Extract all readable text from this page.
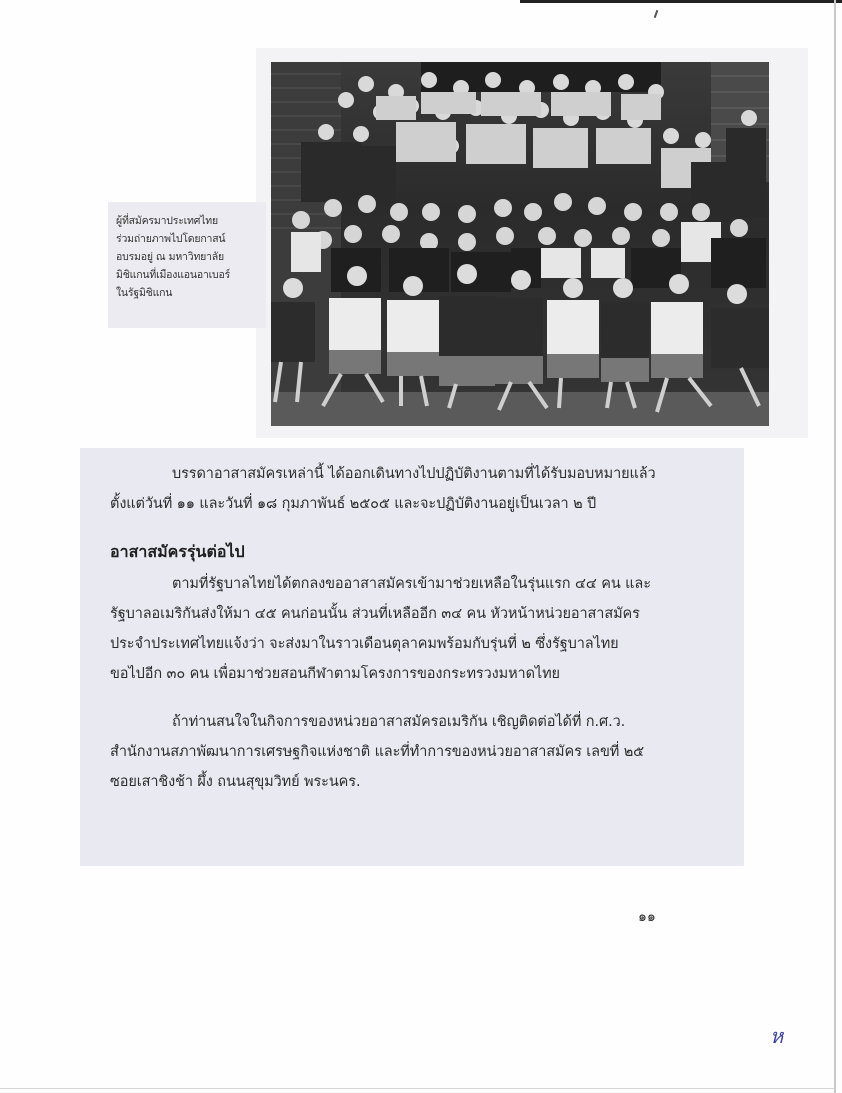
ผู้ที่สมัครมาประเทศไทย
ร่วมถ่ายภาพไปโดยกาสน์
อบรมอยู่ ณ มหาวิทยาลัย
มิชิแกนที่เมืองแอนอาเบอร์
ในรัฐมิชิแกน
บรรดาอาสาสมัครเหล่านี้ ได้ออกเดินทางไปปฏิบัติงานตามที่ได้รับมอบหมายแล้ว
ตั้งแต่วันที่ ๑๑ และวันที่ ๑๘ กุมภาพันธ์ ๒๕๐๕ และจะปฏิบัติงานอยู่เป็นเวลา ๒ ปี
อาสาสมัครรุ่นต่อไป
ตามที่รัฐบาลไทยได้ตกลงขออาสาสมัครเข้ามาช่วยเหลือในรุ่นแรก ๔๔ คน และ
รัฐบาลอเมริกันส่งให้มา ๔๕ คนก่อนนั้น ส่วนที่เหลืออีก ๓๔ คน หัวหน้าหน่วยอาสาสมัคร
ประจำประเทศไทยแจ้งว่า จะส่งมาในราวเดือนตุลาคมพร้อมกับรุ่นที่ ๒ ซึ่งรัฐบาลไทย
ขอไปอีก ๓๐ คน เพื่อมาช่วยสอนกีฬาตามโครงการของกระทรวงมหาดไทย
ถ้าท่านสนใจในกิจการของหน่วยอาสาสมัครอเมริกัน เชิญติดต่อได้ที่ ก.ศ.ว.
สำนักงานสภาพัฒนาการเศรษฐกิจแห่งชาติ และที่ทำการของหน่วยอาสาสมัคร เลขที่ ๒๕
ซอยเสาชิงช้า ผึ้ง ถนนสุขุมวิทย์ พระนคร.
๑๑
ห
